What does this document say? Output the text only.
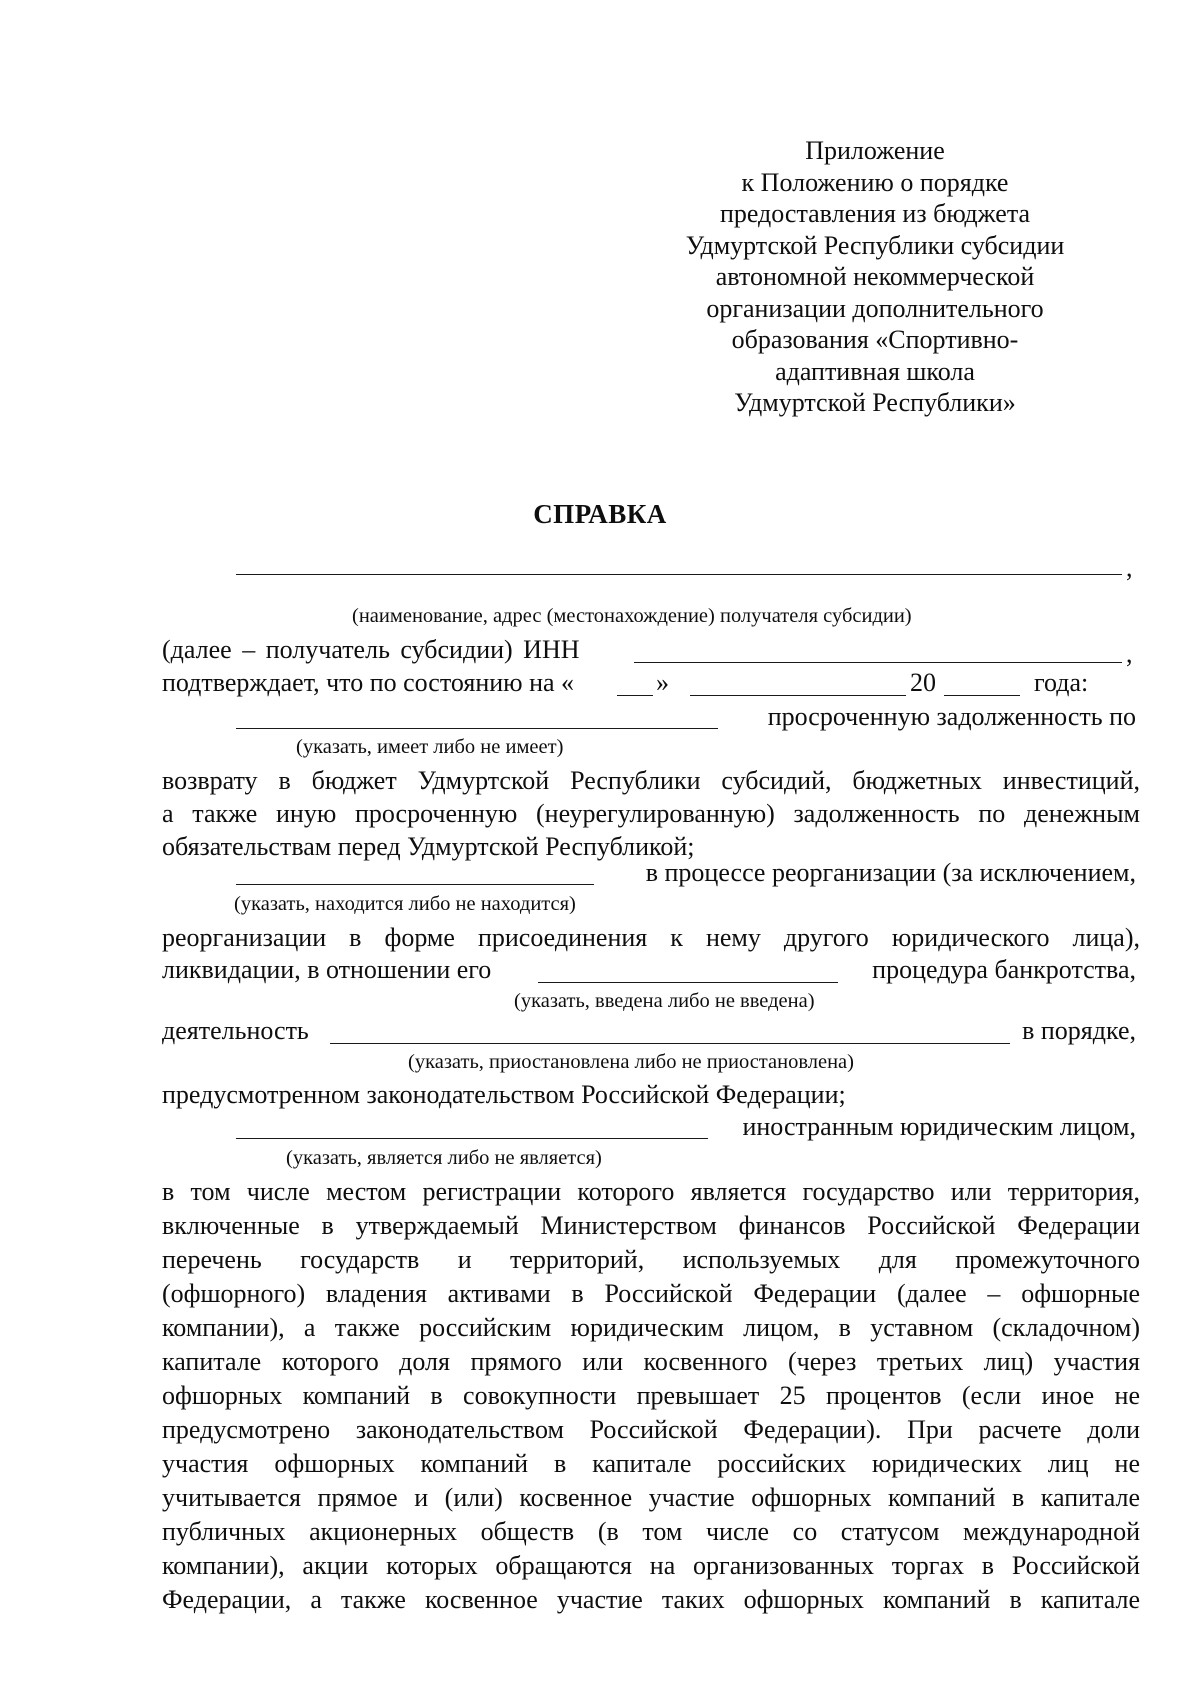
Приложение
к Положению о порядке
предоставления из бюджета
Удмуртской Республики субсидии
автономной некоммерческой
организации дополнительного
образования «Спортивно-
адаптивная школа
Удмуртской Республики»
СПРАВКА
,
(наименование, адрес (местонахождение) получателя субсидии)
(далее – получатель субсидии) ИНН	,
подтверждает, что по состоянию на «	»	20	года:
просроченную задолженность по
(указать, имеет либо не имеет)
возврату в бюджет Удмуртской Республики субсидий, бюджетных инвестиций,
а также иную просроченную (неурегулированную) задолженность по денежным
обязательствам перед Удмуртской Республикой;
в процессе реорганизации (за исключением,
(указать, находится либо не находится)
реорганизации в форме присоединения к нему другого юридического лица),
ликвидации, в отношении его	процедура банкротства,
(указать, введена либо не введена)
деятельность	в порядке,
(указать, приостановлена либо не приостановлена)
предусмотренном законодательством Российской Федерации;
иностранным юридическим лицом,
(указать, является либо не является)
в том числе местом регистрации которого является государство или территория,
включенные в утверждаемый Министерством финансов Российской Федерации
перечень государств и территорий, используемых для промежуточного
(офшорного) владения активами в Российской Федерации (далее – офшорные
компании), а также российским юридическим лицом, в уставном (складочном)
капитале которого доля прямого или косвенного (через третьих лиц) участия
офшорных компаний в совокупности превышает 25 процентов (если иное не
предусмотрено законодательством Российской Федерации). При расчете доли
участия офшорных компаний в капитале российских юридических лиц не
учитывается прямое и (или) косвенное участие офшорных компаний в капитале
публичных акционерных обществ (в том числе со статусом международной
компании), акции которых обращаются на организованных торгах в Российской
Федерации, а также косвенное участие таких офшорных компаний в капитале
